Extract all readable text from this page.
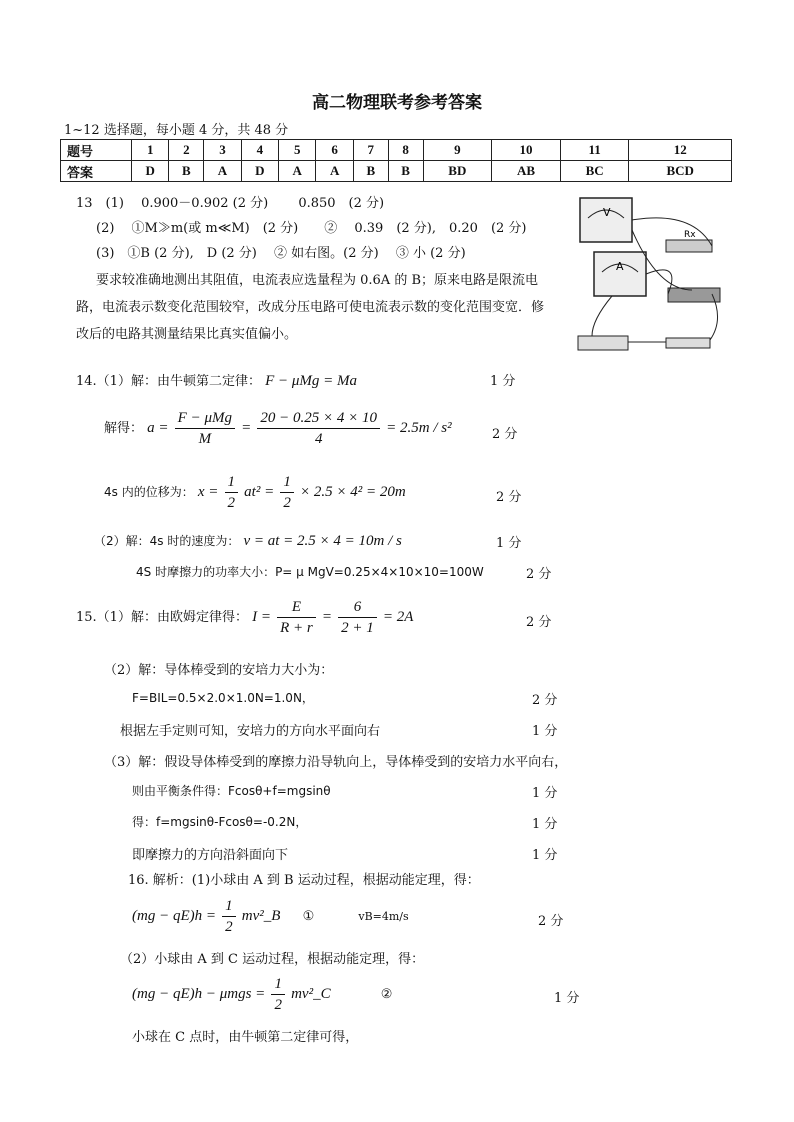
高二物理联考参考答案
1~12 选择题，每小题 4 分，共 48 分
题号	1	2	3	4	5	6	7	8	9	10	11	12
答案	D	B	A	D	A	A	B	B	BD	AB	BC	BCD
13　(1)　 0.900－0.902 (2 分)　　 0.850　(2 分)
(2)　 ①M≫m(或 m≪M)　(2 分)　　②　 0.39　(2 分),　0.20　(2 分)
(3)　①B (2 分),　D (2 分)　 ② 如右图。(2 分)　 ③ 小 (2 分)
要求较准确地测出其阻值，电流表应选量程为 0.6A 的 B；原来电路是限流电路，电流表示数变化范围较窄，改成分压电路可使电流表示数的变化范围变宽．修改后的电路其测量结果比真实值偏小。
V
A
Rx
14.（1）解：由牛顿第二定律： F − μMg = Ma	1 分
解得： $a = \frac{\text{F − μMg}}{M} = \frac{20 - 0.25 \times 4 \times 10}{4} = 2.5m / s^2$	2 分
4s 内的位移为： $x = \frac{1}{2} at^2 = \frac{1}{2} \times 2.5 \times 4^2 = 20m$	2 分
（2）解：4s 时的速度为： v = at = 2.5 × 4 = 10m / s	1 分
4S 时摩擦力的功率大小：P= μ MgV=0.25×4×10×10=100W	2 分
15.（1）解：由欧姆定律得： $I = \frac{E}{R + r} = \frac{6}{2 + 1} = 2A$	2 分
（2）解：导体棒受到的安培力大小为：
F=BIL=0.5×2.0×1.0N=1.0N，	2 分
根据左手定则可知，安培力的方向水平面向右	1 分
（3）解：假设导体棒受到的摩擦力沿导轨向上，导体棒受到的安培力水平向右，
则由平衡条件得：Fcosθ+f=mgsinθ	1 分
得：f=mgsinθ-Fcosθ=-0.2N，	1 分
即摩擦力的方向沿斜面向下	1 分
16. 解析：(1)小球由 A 到 B 运动过程，根据动能定理，得：
$(mg - qE)h = \frac{1}{2}$ mv²_B ①	vB=4m/s	2 分
（2）小球由 A 到 C 运动过程，根据动能定理，得：
$(mg - qE)h - \mu mgs = \frac{1}{2}$ mv²_C	②	1 分
小球在 C 点时，由牛顿第二定律可得，
